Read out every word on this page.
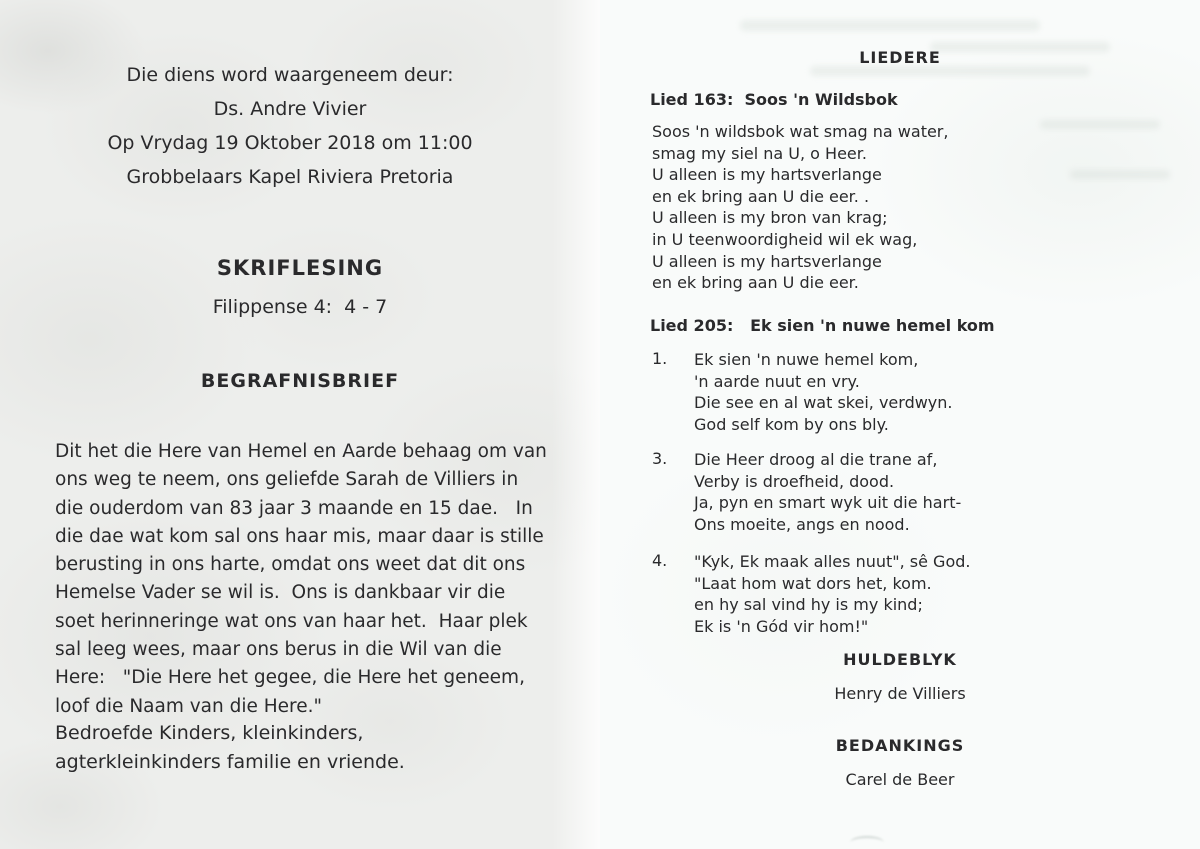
Die diens word waargeneem deur:
Ds. Andre Vivier
Op Vrydag 19 Oktober 2018 om 11:00
Grobbelaars Kapel Riviera Pretoria
SKRIFLESING
Filippense 4:  4 - 7
BEGRAFNISBRIEF
Dit het die Here van Hemel en Aarde behaag om van
ons weg te neem, ons geliefde Sarah de Villiers in
die ouderdom van 83 jaar 3 maande en 15 dae.   In
die dae wat kom sal ons haar mis, maar daar is stille
berusting in ons harte, omdat ons weet dat dit ons
Hemelse Vader se wil is.  Ons is dankbaar vir die
soet herinneringe wat ons van haar het.  Haar plek
sal leeg wees, maar ons berus in die Wil van die
Here:   "Die Here het gegee, die Here het geneem,
loof die Naam van die Here."
Bedroefde Kinders, kleinkinders,
agterkleinkinders familie en vriende.
LIEDERE
Lied 163:  Soos 'n Wildsbok
Soos 'n wildsbok wat smag na water,
smag my siel na U, o Heer.
U alleen is my hartsverlange
en ek bring aan U die eer. .
U alleen is my bron van krag;
in U teenwoordigheid wil ek wag,
U alleen is my hartsverlange
en ek bring aan U die eer.
Lied 205:   Ek sien 'n nuwe hemel kom
1.	Ek sien 'n nuwe hemel kom,
'n aarde nuut en vry.
Die see en al wat skei, verdwyn.
God self kom by ons bly.
3.	Die Heer droog al die trane af,
Verby is droefheid, dood.
Ja, pyn en smart wyk uit die hart-
Ons moeite, angs en nood.
4.	"Kyk, Ek maak alles nuut", sê God.
"Laat hom wat dors het, kom.
en hy sal vind hy is my kind;
Ek is 'n Gód vir hom!"
HULDEBLYK
Henry de Villiers
BEDANKINGS
Carel de Beer
